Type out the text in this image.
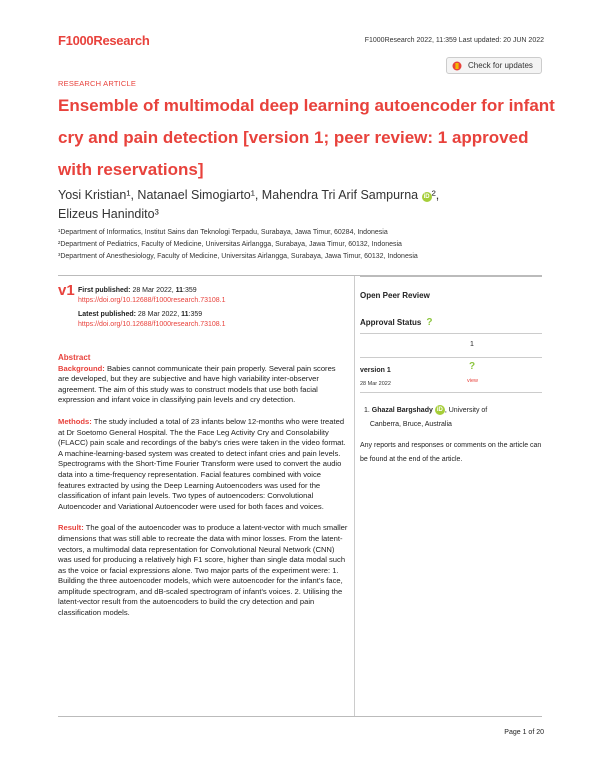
F1000Research	F1000Research 2022, 11:359 Last updated: 20 JUN 2022
RESEARCH ARTICLE
Check for updates
Ensemble of multimodal deep learning autoencoder for infant cry and pain detection [version 1; peer review: 1 approved with reservations]
Yosi Kristian¹, Natanael Simogiarto¹, Mahendra Tri Arif Sampurna iD ²,
Elizeus Hanindito³
¹Department of Informatics, Institut Sains dan Teknologi Terpadu, Surabaya, Jawa Timur, 60284, Indonesia
²Department of Pediatrics, Faculty of Medicine, Universitas Airlangga, Surabaya, Jawa Timur, 60132, Indonesia
³Department of Anesthesiology, Faculty of Medicine, Universitas Airlangga, Surabaya, Jawa Timur, 60132, Indonesia
v1 First published: 28 Mar 2022, 11:359
https://doi.org/10.12688/f1000research.73108.1
Latest published: 28 Mar 2022, 11:359
https://doi.org/10.12688/f1000research.73108.1
Open Peer Review
Approval Status  ?
1
version 1
28 Mar 2022
?
view
1. Ghazal Bargshady iD , University of
Canberra, Bruce, Australia
Any reports and responses or comments on the article can be found at the end of the article.
Abstract

Background: Babies cannot communicate their pain properly. Several pain scores are developed, but they are subjective and have high variability inter-observer agreement. The aim of this study was to construct models that use both facial expression and infant voice in classifying pain levels and cry detection.

Methods: The study included a total of 23 infants below 12-months who were treated at Dr Soetomo General Hospital. The the Face Leg Activity Cry and Consolability (FLACC) pain scale and recordings of the baby's cries were taken in the video format. A machine-learning-based system was created to detect infant cries and pain levels. Spectrograms with the Short-Time Fourier Transform were used to convert the audio data into a time-frequency representation. Facial features combined with voice features extracted by using the Deep Learning Autoencoders was used for the classification of infant pain levels. Two types of autoencoders: Convolutional Autoencoder and Variational Autoencoder were used for both faces and voices.

Result: The goal of the autoencoder was to produce a latent-vector with much smaller dimensions that was still able to recreate the data with minor losses. From the latent-vectors, a multimodal data representation for Convolutional Neural Network (CNN) was used for producing a relatively high F1 score, higher than single data modal such as the voice or facial expressions alone. Two major parts of the experiment were: 1. Building the three autoencoder models, which were autoencoder for the infant's face, amplitude spectrogram, and dB-scaled spectrogram of infant's voices. 2. Utilising the latent-vector result from the autoencoders to build the cry detection and pain classification models.

Page 1 of 20
